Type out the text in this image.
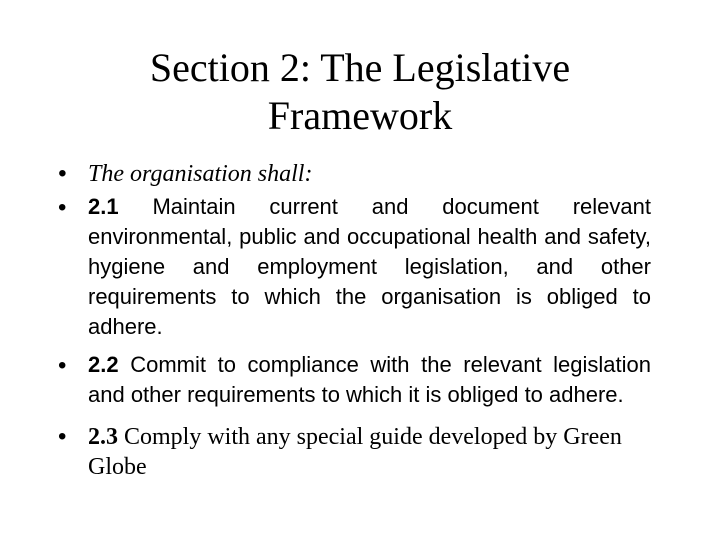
Section 2: The Legislative
Framework
• The organisation shall:
• 2.1 Maintain current and document relevant environmental, public and occupational health and safety, hygiene and employment legislation, and other requirements to which the organisation is obliged to adhere.
• 2.2 Commit to compliance with the relevant legislation and other requirements to which it is obliged to adhere.
• 2.3 Comply with any special guide developed by Green Globe
